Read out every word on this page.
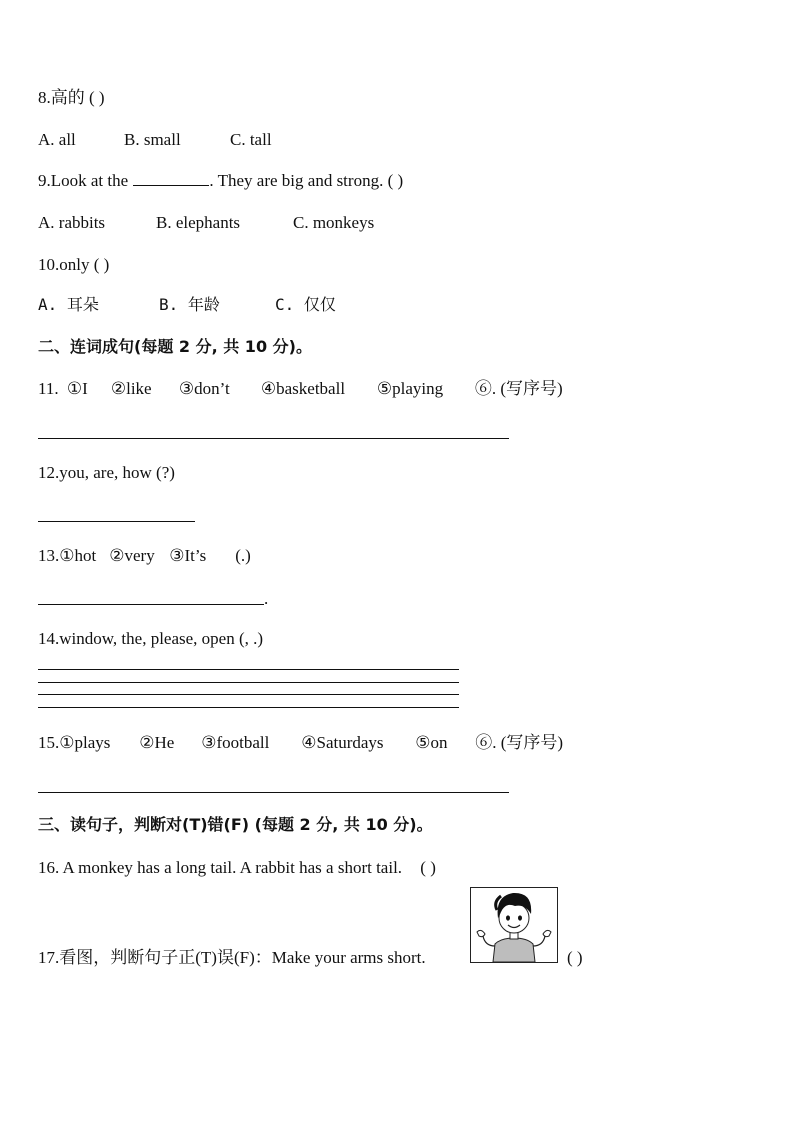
8.高的 ( )
A. all	B. small	C. tall
9.Look at the	. They are big and strong. ( )
A. rabbits	B. elephants	C. monkeys
10.only ( )
A. 耳朵	B. 年龄	C. 仅仅
二、连词成句(每题 2 分, 共 10 分)。
11. ①I ②like ③don’t ④basketball ⑤playing ⑥. (写序号)
12.you, are, how (?)
13.①hot ②very ③It’s (.)
.
14.window, the, please, open (, .)
15.①plays ②He ③football ④Saturdays ⑤on ⑥. (写序号)
三、读句子，判断对(T)错(F) (每题 2 分, 共 10 分)。
16. A monkey has a long tail. A rabbit has a short tail. ( )
17.看图，判断句子正(T)误(F)：Make your arms short.	( )
